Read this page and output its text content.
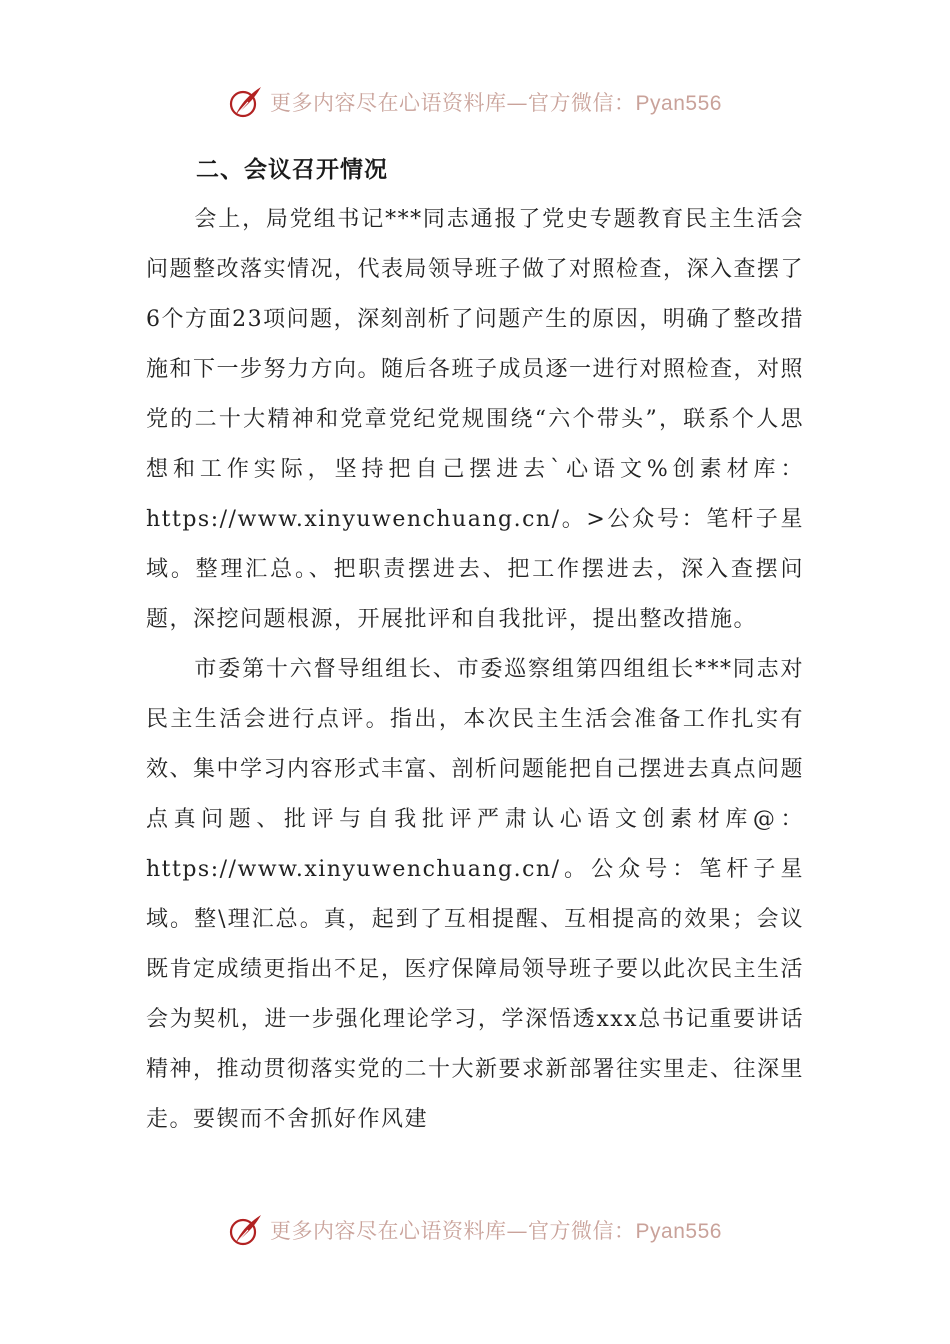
更多内容尽在心语资料库—官方微信：Pyan556
二、会议召开情况

会上，局党组书记***同志通报了党史专题教育民主生活会问题整改落实情况，代表局领导班子做了对照检查，深入查摆了6个方面23项问题，深刻剖析了问题产生的原因，明确了整改措施和下一步努力方向。随后各班子成员逐一进行对照检查，对照党的二十大精神和党章党纪党规围绕“六个带头”，联系个人思想和工作实际，坚持把自己摆进去`心语文%创素材库：https://www.xinyuwenchuang.cn/。>公众号：笔杆子星域。整理汇总。、把职责摆进去、把工作摆进去，深入查摆问题，深挖问题根源，开展批评和自我批评，提出整改措施。

市委第十六督导组组长、市委巡察组第四组组长***同志对民主生活会进行点评。指出，本次民主生活会准备工作扎实有效、集中学习内容形式丰富、剖析问题能把自己摆进去真点问题点真问题、批评与自我批评严肃认心语文创素材库@：https://www.xinyuwenchuang.cn/。公众号：笔杆子星域。整\理汇总。真，起到了互相提醒、互相提高的效果；会议既肯定成绩更指出不足，医疗保障局领导班子要以此次民主生活会为契机，进一步强化理论学习，学深悟透xxx总书记重要讲话精神，推动贯彻落实党的二十大新要求新部署往实里走、往深里走。要锲而不舍抓好作风建

更多内容尽在心语资料库—官方微信：Pyan556
